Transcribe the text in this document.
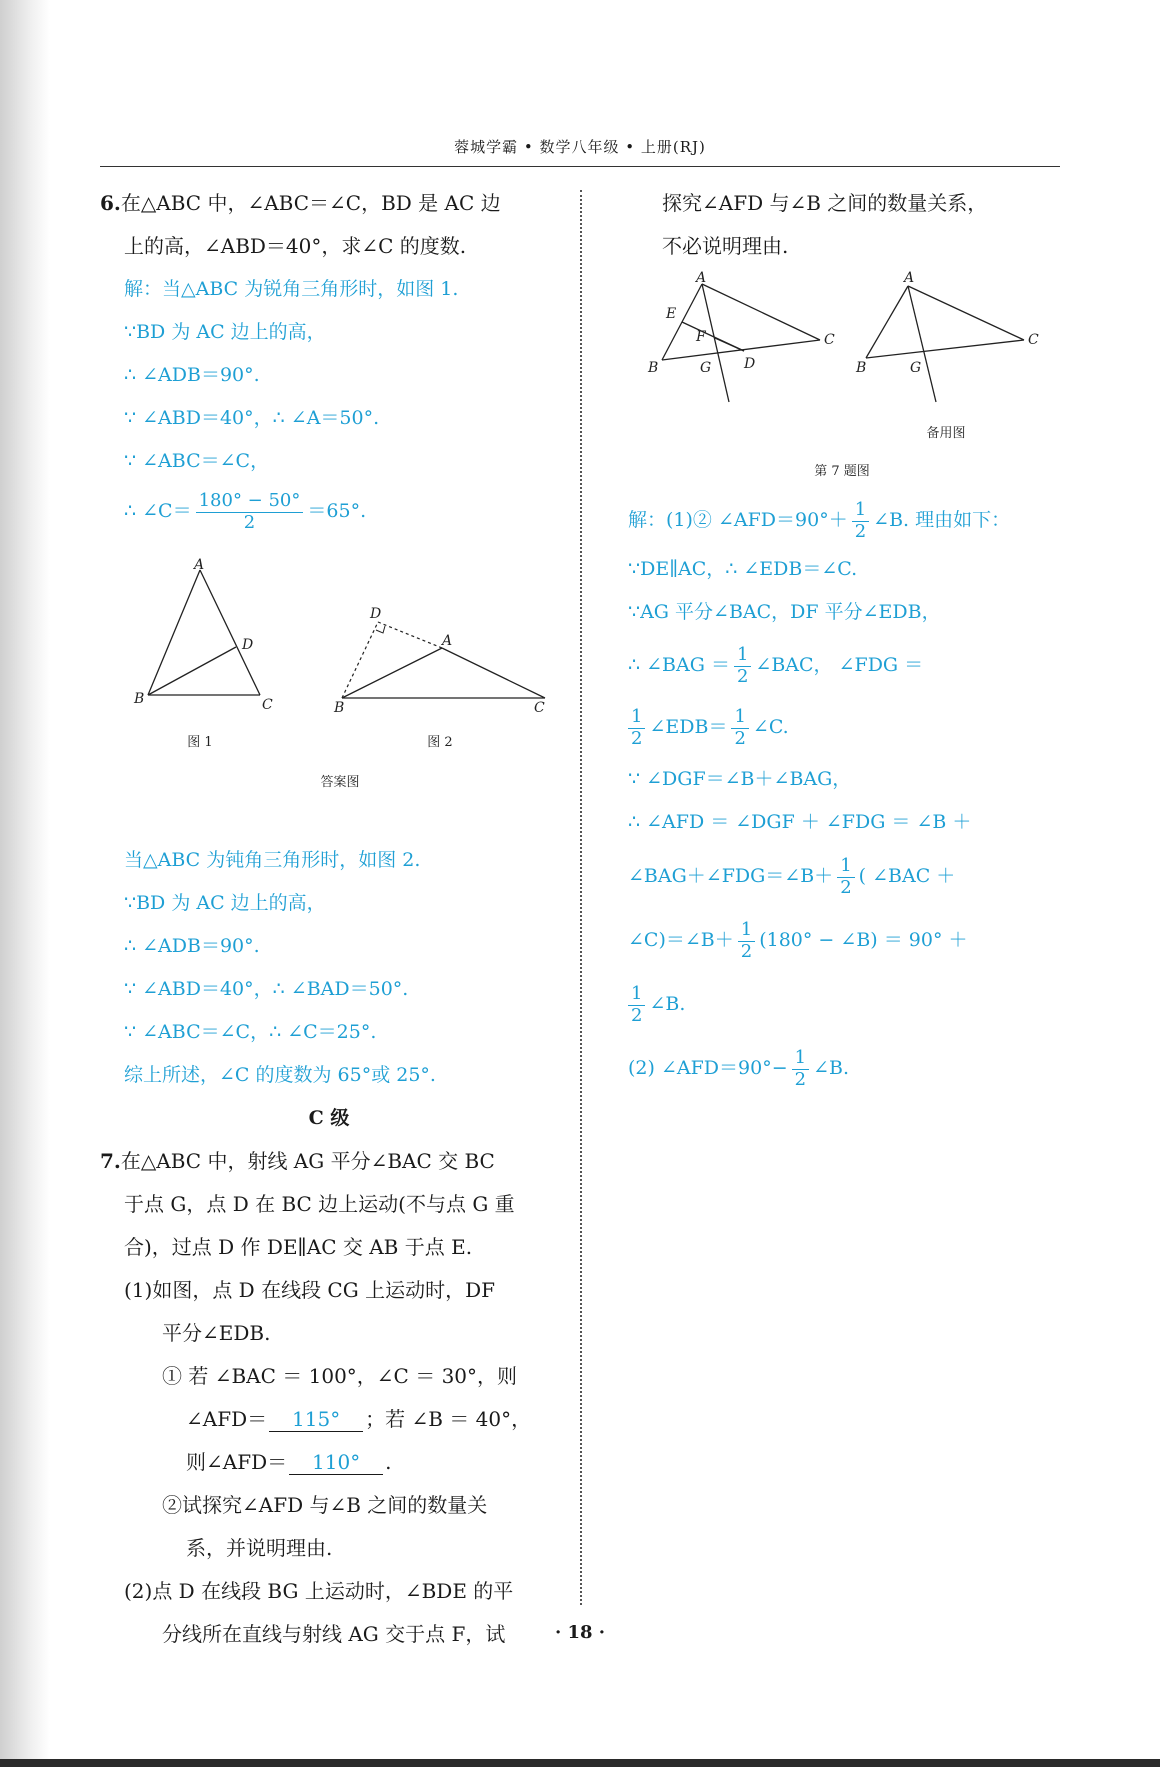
蓉城学霸 • 数学八年级 • 上册(RJ)
6.在△ABC 中，∠ABC＝∠C，BD 是 AC 边
上的高，∠ABD＝40°，求∠C 的度数.
解：当△ABC 为锐角三角形时，如图 1.
∵BD 为 AC 边上的高，
∴ ∠ADB＝90°.
∵ ∠ABD＝40°，∴ ∠A＝50°.
∵ ∠ABC＝∠C，
∴ ∠C＝ $\frac{180^\circ - 50^\circ}{2} =65^\circ$.
当△ABC 为钝角三角形时，如图 2.
∵BD 为 AC 边上的高，
∴ ∠ADB＝90°.
∵ ∠ABD＝40°，∴ ∠BAD＝50°.
∵ ∠ABC＝∠C，∴ ∠C＝25°.
综上所述，∠C 的度数为 65°或 25°.
C 级
7.在△ABC 中，射线 AG 平分∠BAC 交 BC
于点 G，点 D 在 BC 边上运动(不与点 G 重
合)，过点 D 作 DE∥AC 交 AB 于点 E.
(1)如图，点 D 在线段 CG 上运动时，DF
平分∠EDB.
① 若 ∠BAC ＝ 100°，∠C ＝ 30°，则
∠AFD＝ 115° ；若 ∠B ＝ 40°，
则∠AFD＝ 110° .
②试探究∠AFD 与∠B 之间的数量关
系，并说明理由.
(2)点 D 在线段 BG 上运动时，∠BDE 的平
分线所在直线与射线 AG 交于点 F，试
A
B	C
D
图 1
D
A
B	C
图 2
答案图
探究∠AFD 与∠B 之间的数量关系，
不必说明理由.
解：(1)② ∠AFD＝90°＋ $\frac{1}{2}$ ∠B. 理由如下：
∵DE∥AC，∴ ∠EDB＝∠C.
∵AG 平分∠BAC，DF 平分∠EDB，
∴ ∠BAG ＝ $\frac{1}{2}$ ∠BAC， ∠FDG ＝
$\frac{1}{2}$ ∠EDB＝ $\frac{1}{2}$ ∠C.
∵ ∠DGF＝∠B＋∠BAG，
∴ ∠AFD ＝ ∠DGF ＋ ∠FDG ＝ ∠B ＋
∠BAG＋∠FDG＝∠B＋ $\frac{1}{2}$ ( ∠BAC ＋
∠C)＝∠B＋ $\frac{1}{2} (180^\circ$ − ∠B) ＝ 90° ＋
$\frac{1}{2}$ ∠B.
(2) ∠AFD＝90°− $\frac{1}{2}$ ∠B.
A
E
F	C
B	G D
A
C
B	G
备用图
第 7 题图
· 18 ·
